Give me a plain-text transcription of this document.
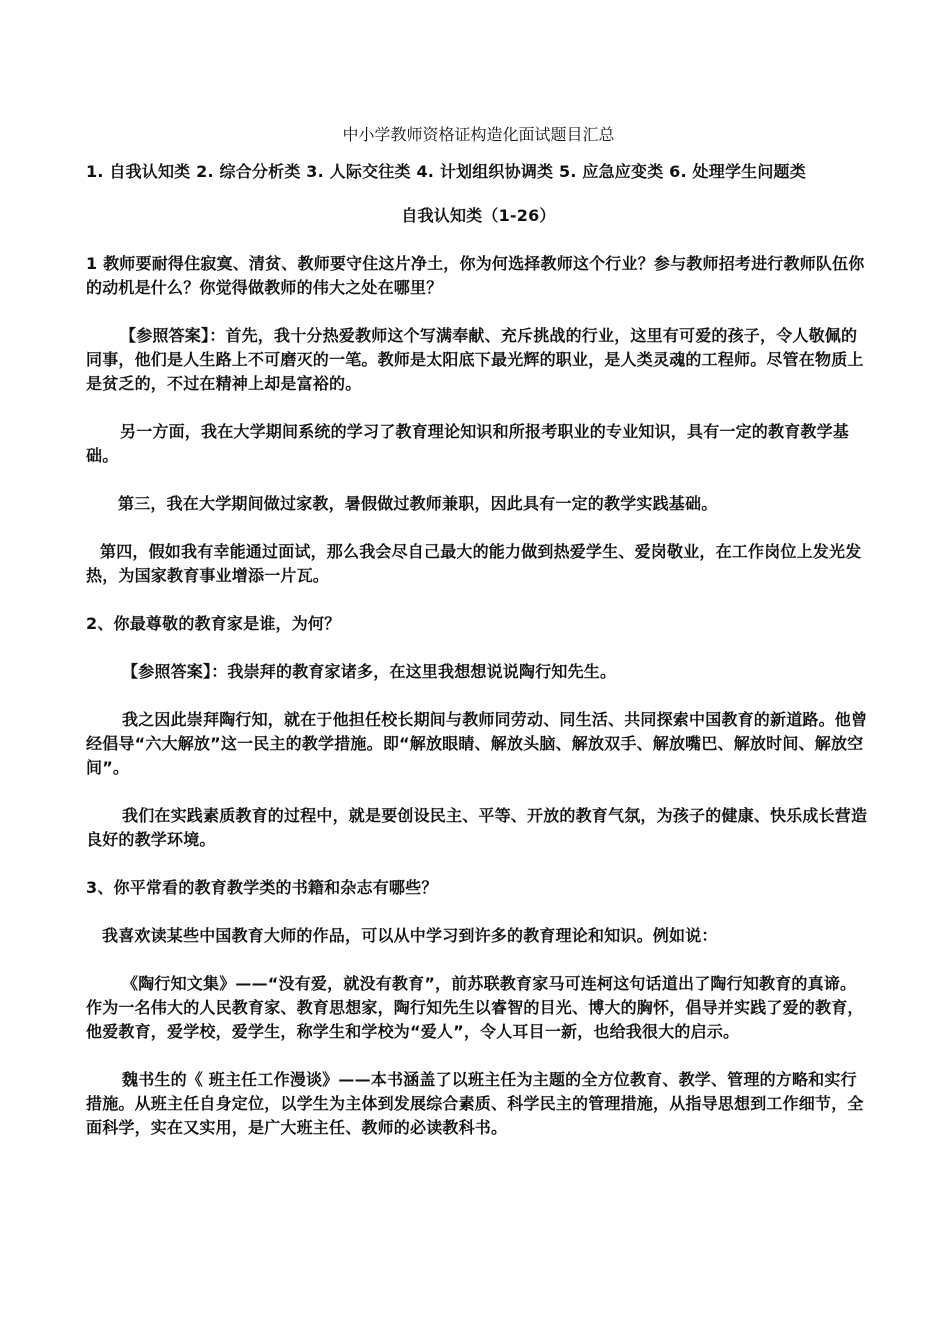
中小学教师资格证构造化面试题目汇总
1. 自我认知类 2. 综合分析类 3. 人际交往类 4. 计划组织协调类 5. 应急应变类 6. 处理学生问题类
自我认知类（1-26）
1 教师要耐得住寂寞、清贫、教师要守住这片净土，你为何选择教师这个行业？参与教师招考进行教师队伍你的动机是什么？你觉得做教师的伟大之处在哪里？
【参照答案】：首先，我十分热爱教师这个写满奉献、充斥挑战的行业，这里有可爱的孩子，令人敬佩的同事，他们是人生路上不可磨灭的一笔。教师是太阳底下最光辉的职业，是人类灵魂的工程师。尽管在物质上是贫乏的，不过在精神上却是富裕的。
另一方面，我在大学期间系统的学习了教育理论知识和所报考职业的专业知识，具有一定的教育教学基础。
第三，我在大学期间做过家教，暑假做过教师兼职，因此具有一定的教学实践基础。
第四，假如我有幸能通过面试，那么我会尽自己最大的能力做到热爱学生、爱岗敬业，在工作岗位上发光发热，为国家教育事业增添一片瓦。
2、你最尊敬的教育家是谁，为何？
【参照答案】：我崇拜的教育家诸多，在这里我想想说说陶行知先生。
我之因此崇拜陶行知，就在于他担任校长期间与教师同劳动、同生活、共同探索中国教育的新道路。他曾经倡导“六大解放”这一民主的教学措施。即“解放眼睛、解放头脑、解放双手、解放嘴巴、解放时间、解放空间”。
我们在实践素质教育的过程中，就是要创设民主、平等、开放的教育气氛，为孩子的健康、快乐成长营造良好的教学环境。
3、你平常看的教育教学类的书籍和杂志有哪些？
我喜欢读某些中国教育大师的作品，可以从中学习到许多的教育理论和知识。例如说：
《陶行知文集》——“没有爱，就没有教育”，前苏联教育家马可连柯这句话道出了陶行知教育的真谛。作为一名伟大的人民教育家、教育思想家，陶行知先生以睿智的目光、博大的胸怀，倡导并实践了爱的教育，他爱教育，爱学校，爱学生，称学生和学校为“爱人”，令人耳目一新，也给我很大的启示。
魏书生的《 班主任工作漫谈》——本书涵盖了以班主任为主题的全方位教育、教学、管理的方略和实行措施。从班主任自身定位，以学生为主体到发展综合素质、科学民主的管理措施，从指导思想到工作细节，全面科学，实在又实用，是广大班主任、教师的必读教科书。
